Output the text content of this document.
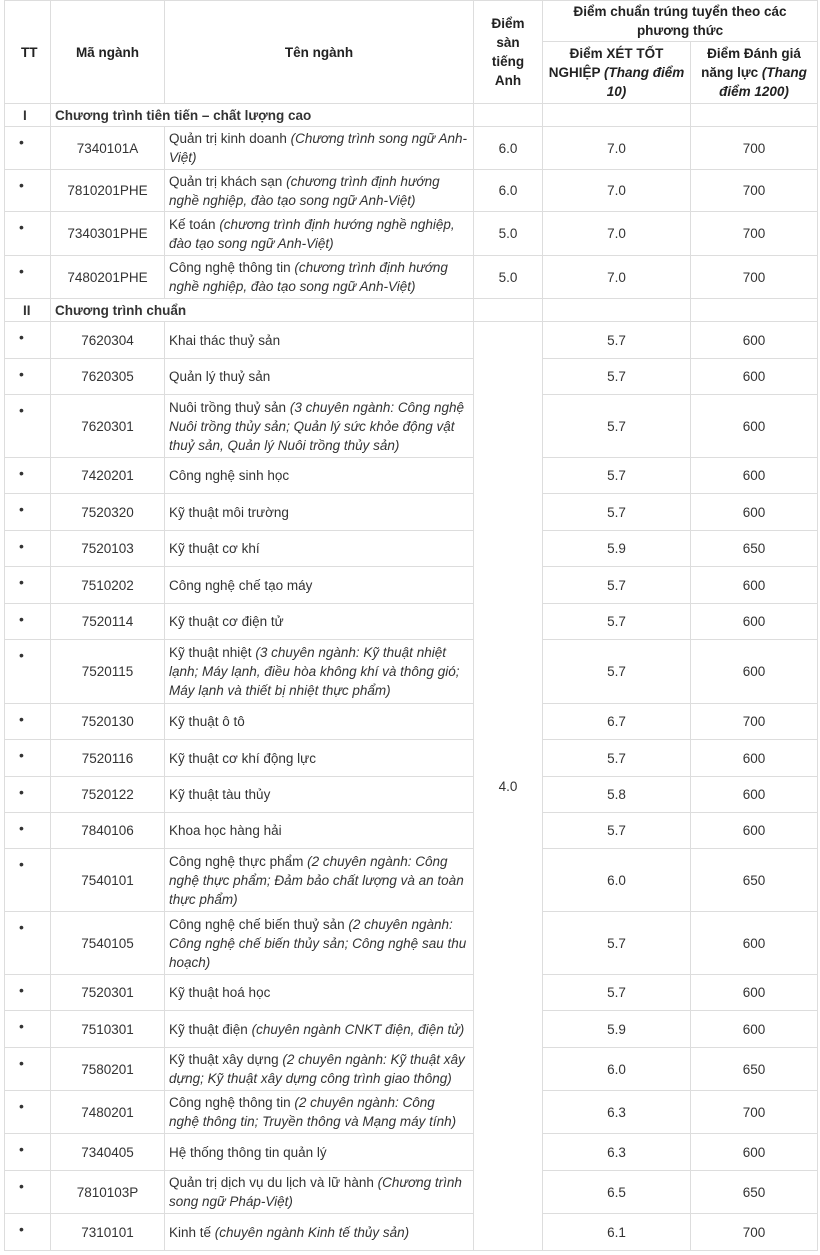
TT	Mã ngành	Tên ngành	Điểm sàn tiếng Anh	Điểm chuẩn trúng tuyển theo các phương thức	
				Điểm XÉT TỐT NGHIỆP (Thang điểm 10)	Điểm Đánh giá năng lực (Thang điểm 1200)
I	Chương trình tiên tiến – chất lượng cao				
•	7340101A	Quản trị kinh doanh (Chương trình song ngữ Anh-Việt)	6.0	7.0	700
•	7810201PHE	Quản trị khách sạn (chương trình định hướng nghề nghiệp, đào tạo song ngữ Anh-Việt)	6.0	7.0	700
•	7340301PHE	Kế toán (chương trình định hướng nghề nghiệp, đào tạo song ngữ Anh-Việt)	5.0	7.0	700
•	7480201PHE	Công nghệ thông tin (chương trình định hướng nghề nghiệp, đào tạo song ngữ Anh-Việt)	5.0	7.0	700
II	Chương trình chuẩn				
•	7620304	Khai thác thuỷ sản	4.0	5.7	600
•	7620305	Quản lý thuỷ sản		5.7	600
•	7620301	Nuôi trồng thuỷ sản (3 chuyên ngành: Công nghệ Nuôi trồng thủy sản; Quản lý sức khỏe động vật thuỷ sản, Quản lý Nuôi trồng thủy sản)		5.7	600
•	7420201	Công nghệ sinh học		5.7	600
•	7520320	Kỹ thuật môi trường		5.7	600
•	7520103	Kỹ thuật cơ khí		5.9	650
•	7510202	Công nghệ chế tạo máy		5.7	600
•	7520114	Kỹ thuật cơ điện tử		5.7	600
•	7520115	Kỹ thuật nhiệt (3 chuyên ngành: Kỹ thuật nhiệt lạnh; Máy lạnh, điều hòa không khí và thông gió; Máy lạnh và thiết bị nhiệt thực phẩm)		5.7	600
•	7520130	Kỹ thuật ô tô		6.7	700
•	7520116	Kỹ thuật cơ khí động lực		5.7	600
•	7520122	Kỹ thuật tàu thủy		5.8	600
•	7840106	Khoa học hàng hải		5.7	600
•	7540101	Công nghệ thực phẩm (2 chuyên ngành: Công nghệ thực phẩm; Đảm bảo chất lượng và an toàn thực phẩm)		6.0	650
•	7540105	Công nghệ chế biến thuỷ sản (2 chuyên ngành: Công nghệ chế biến thủy sản; Công nghệ sau thu hoạch)		5.7	600
•	7520301	Kỹ thuật hoá học		5.7	600
•	7510301	Kỹ thuật điện (chuyên ngành CNKT điện, điện tử)		5.9	600
•	7580201	Kỹ thuật xây dựng (2 chuyên ngành: Kỹ thuật xây dựng; Kỹ thuật xây dựng công trình giao thông)		6.0	650
•	7480201	Công nghệ thông tin (2 chuyên ngành: Công nghệ thông tin; Truyền thông và Mạng máy tính)		6.3	700
•	7340405	Hệ thống thông tin quản lý		6.3	600
•	7810103P	Quản trị dịch vụ du lịch và lữ hành (Chương trình song ngữ Pháp-Việt)		6.5	650
•	7310101	Kinh tế (chuyên ngành Kinh tế thủy sản)		6.1	700
